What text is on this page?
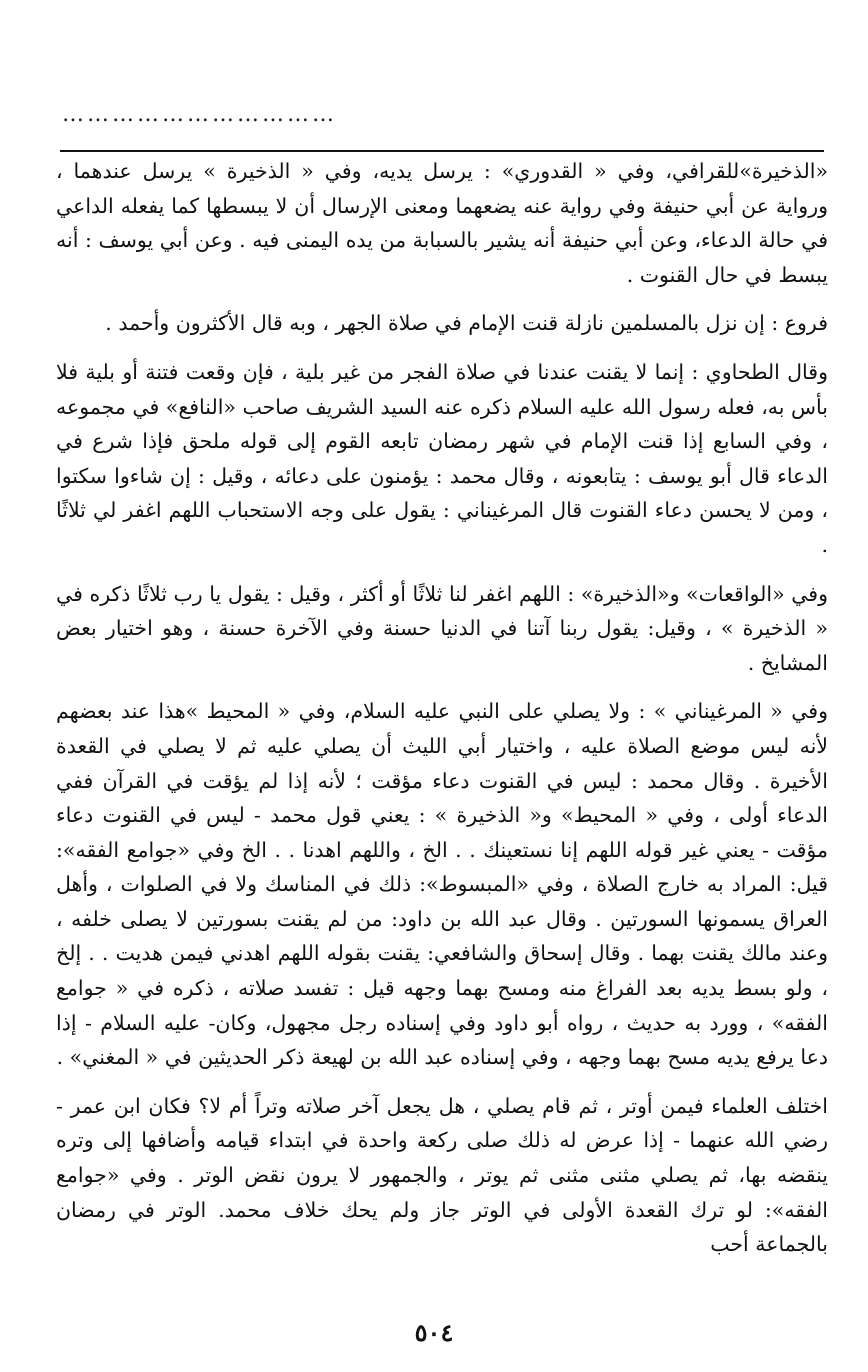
……………………………

«الذخيرة»للقرافي، وفي « القدوري» : يرسل يديه، وفي « الذخيرة » يرسل عندهما ، ورواية عن أبي حنيفة وفي رواية عنه يضعهما ومعنى الإرسال أن لا يبسطها كما يفعله الداعي في حالة الدعاء، وعن أبي حنيفة أنه يشير بالسبابة من يده اليمنى فيه . وعن أبي يوسف : أنه يبسط في حال القنوت .

فروع : إن نزل بالمسلمين نازلة قنت الإمام في صلاة الجهر ، وبه قال الأكثرون وأحمد .

وقال الطحاوي : إنما لا يقنت عندنا في صلاة الفجر من غير بلية ، فإن وقعت فتنة أو بلية فلا بأس به، فعله رسول الله عليه السلام ذكره عنه السيد الشريف صاحب «النافع» في مجموعه ، وفي السابع إذا قنت الإمام في شهر رمضان تابعه القوم إلى قوله ملحق فإذا شرع في الدعاء قال أبو يوسف : يتابعونه ، وقال محمد : يؤمنون على دعائه ، وقيل : إن شاءوا سكتوا ، ومن لا يحسن دعاء القنوت قال المرغيناني : يقول على وجه الاستحباب اللهم اغفر لي ثلاثًا .

وفي «الواقعات» و«الذخيرة» : اللهم اغفر لنا ثلاثًا أو أكثر ، وقيل : يقول يا رب ثلاثًا ذكره في « الذخيرة » ، وقيل: يقول ربنا آتنا في الدنيا حسنة وفي الآخرة حسنة ، وهو اختيار بعض المشايخ .

وفي « المرغيناني » : ولا يصلي على النبي عليه السلام، وفي « المحيط »هذا عند بعضهم لأنه ليس موضع الصلاة عليه ، واختيار أبي الليث أن يصلي عليه ثم لا يصلي في القعدة الأخيرة . وقال محمد : ليس في القنوت دعاء مؤقت ؛ لأنه إذا لم يؤقت في القرآن ففي الدعاء أولى ، وفي « المحيط» و« الذخيرة » : يعني قول محمد - ليس في القنوت دعاء مؤقت - يعني غير قوله اللهم إنا نستعينك . . الخ ، واللهم اهدنا . . الخ وفي «جوامع الفقه»: قيل: المراد به خارج الصلاة ، وفي «المبسوط»: ذلك في المناسك ولا في الصلوات ، وأهل العراق يسمونها السورتين . وقال عبد الله بن داود: من لم يقنت بسورتين لا يصلى خلفه ، وعند مالك يقنت بهما . وقال إسحاق والشافعي: يقنت بقوله اللهم اهدني فيمن هديت . . إلخ ، ولو بسط يديه بعد الفراغ منه ومسح بهما وجهه قيل : تفسد صلاته ، ذكره في « جوامع الفقه» ، وورد به حديث ، رواه أبو داود وفي إسناده رجل مجهول، وكان- عليه السلام - إذا دعا يرفع يديه مسح بهما وجهه ، وفي إسناده عبد الله بن لهيعة ذكر الحديثين في « المغني» .

اختلف العلماء فيمن أوتر ، ثم قام يصلي ، هل يجعل آخر صلاته وتراً أم لا؟ فكان ابن عمر - رضي الله عنهما - إذا عرض له ذلك صلى ركعة واحدة في ابتداء قيامه وأضافها إلى وتره ينقضه بها، ثم يصلي مثنى مثنى ثم يوتر ، والجمهور لا يرون نقض الوتر . وفي «جوامع الفقه»: لو ترك القعدة الأولى في الوتر جاز ولم يحك خلاف محمد. الوتر في رمضان بالجماعة أحب

٥٠٤
